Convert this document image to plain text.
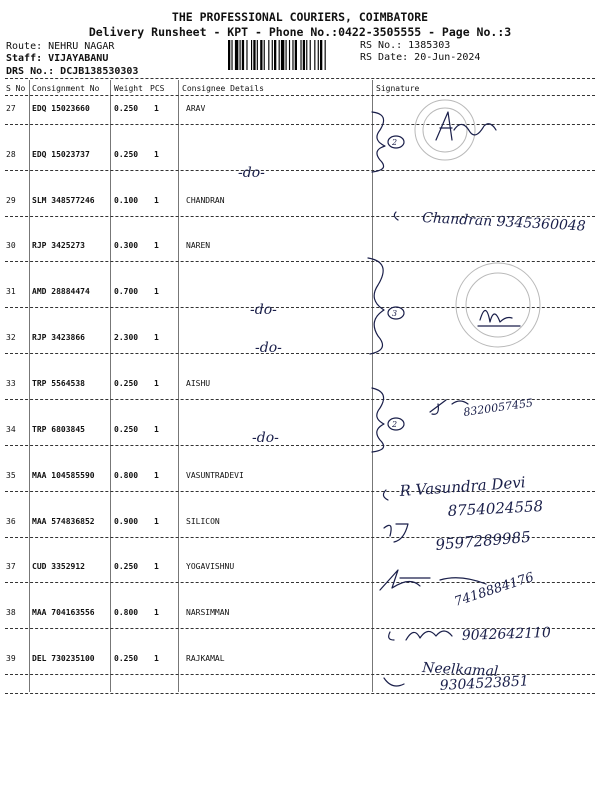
THE PROFESSIONAL COURIERS, COIMBATORE
Delivery Runsheet - KPT - Phone No.:0422-3505555 - Page No.:3
Route: NEHRU NAGAR
Staff: VIJAYABANU
DRS No.: DCJB138530303
RS No.: 1385303
RS Date: 20-Jun-2024
S No Consignment No Weight PCS Consignee Details	Signature
27 EDQ 15023660	0.250 1	ARAV
28 EDQ 15023737	0.250 1
29 SLM 348577246 0.100 1	CHANDRAN
30 RJP 3425273	0.300 1	NAREN
31 AMD 28884474	0.700 1
32 RJP 3423866	2.300 1
33 TRP 5564538	0.250 1	AISHU
34 TRP 6803845	0.250 1
35 MAA 104585590 0.800 1	VASUNTRADEVI
36 MAA 574836852 0.900 1	SILICON
37 CUD 3352912	0.250 1	YOGAVISHNU
38 MAA 704163556 0.800 1	NARSIMMAN
39 DEL 730235100 0.250 1	RAJKAMAL
2
3
2
-do-
-do-
-do-
-do-
Chandran 9345360048
8320057455
R Vasundra Devi
8754024558
9597289985
7418884176
9042642110
Neelkamal
9304523851
